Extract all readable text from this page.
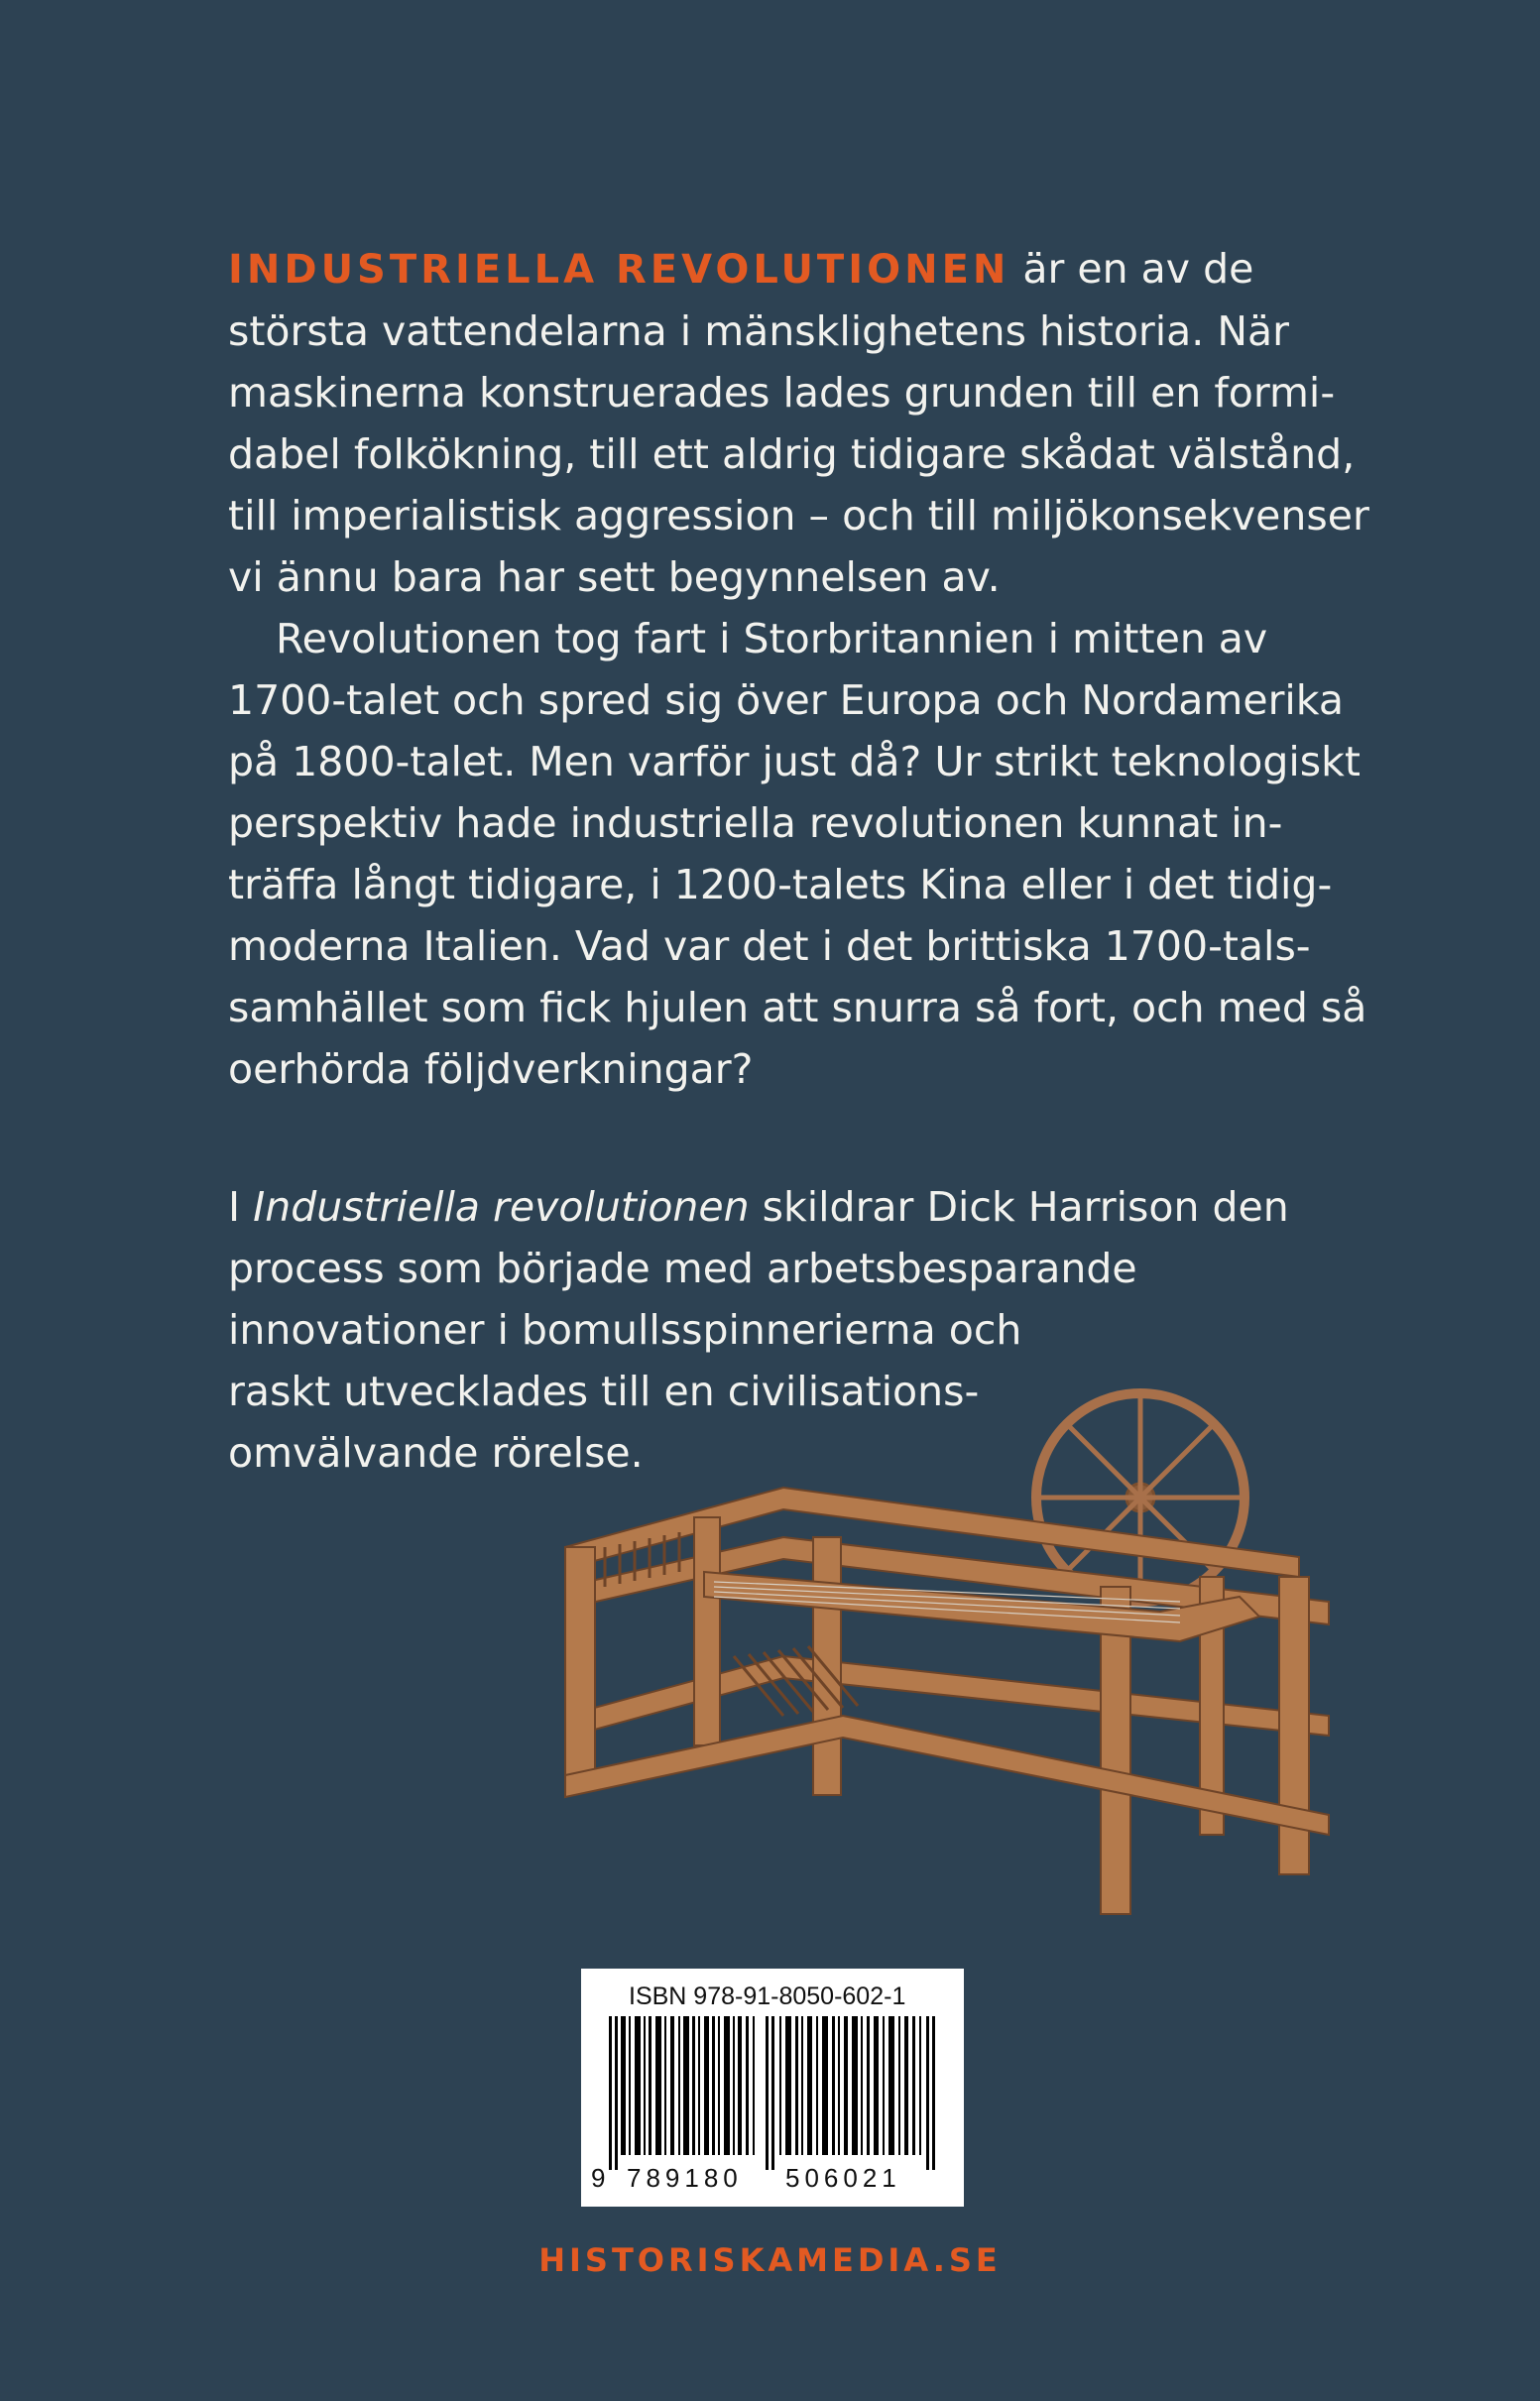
INDUSTRIELLA REVOLUTIONEN är en av de
största vattendelarna i mänsklighetens historia. När
maskinerna konstruerades lades grunden till en formi-
dabel folkökning, till ett aldrig tidigare skådat välstånd,
till imperialistisk aggression – och till miljökonsekvenser
vi ännu bara har sett begynnelsen av.
Revolutionen tog fart i Storbritannien i mitten av
1700-talet och spred sig över Europa och Nordamerika
på 1800-talet. Men varför just då? Ur strikt teknologiskt
perspektiv hade industriella revolutionen kunnat in-
träffa långt tidigare, i 1200-talets Kina eller i det tidig-
moderna Italien. Vad var det i det brittiska 1700-tals-
samhället som fick hjulen att snurra så fort, och med så
oerhörda följdverkningar?
I Industriella revolutionen skildrar Dick Harrison den
process som började med arbetsbesparande
innovationer i bomullsspinnerierna och
raskt utvecklades till en civilisations-
omvälvande rörelse.
ISBN 978-91-8050-602-1
9 789180 506021
HISTORISKAMEDIA.SE
